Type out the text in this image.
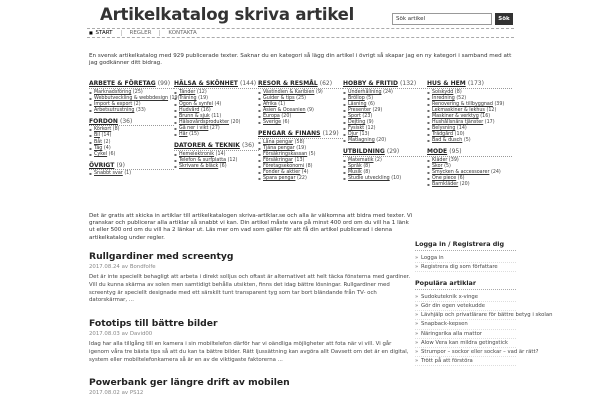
Artikelkatalog skriva artikel
Sök artikel	Sök
■ START	REGLER	KONTAKTA
En svensk artikelkatalog med 929 publicerade texter. Saknar du en kategori så lägg din artikel i övrigt så skapar jag en ny kategori i samband med att jag godkänner ditt bidrag.
ARBETE & FÖRETAG (99)
▪ Marknadsföring (25)
▪ Webbutveckling & webbdesign (19)
▪ Import & export (2)
▪ Arbetsutrustning (33)
FORDON (36)
▪ Körkort (8)
▪ Bil (14)
▪ Båt (2)
▪ Tåg (4)
▪ Cykel (6)
ÖVRIGT (9)
▪ Snabbt svar (1)
HÄLSA & SKÖNHET (144)
▪ Tänder (12)
▪ Träning (19)
▪ Ögon & synfel (4)
▪ Hudvård (16)
▪ Brunn & sjuk (11)
▪ Hälsovårdsprodukter (20)
▪ Gå ner i vikt (27)
▪ Hår (15)
DATORER & TEKNIK (36)
▪ Hemelektronik (14)
▪ Telefon & surfplatta (12)
▪ Skrivare & bläck (6)
RESOR & RESMÅL (62)
▪ Västindien & Karibien (9)
▪ Guider & tips (25)
▪ Afrika (1)
▪ Asien & Oceanien (9)
▪ Europa (20)
▪ Sverige (6)
PENGAR & FINANS (129)
▪ Låna pengar (58)
▪ Tjäna pengar (19)
▪ Försäkringskassan (5)
▪ Försäkringar (13)
▪ Företagsekonomi (8)
▪ Fonder & aktier (4)
▪ Spara pengar (22)
HOBBY & FRITID (132)
▪ Underhållning (24)
▪ Bröllop (5)
▪ Läsning (6)
▪ Presenter (29)
▪ Sport (23)
▪ Dejting (9)
▪ Fysiskt (12)
▪ Djur (13)
▪ Matlagning (20)
UTBILDNING (29)
▪ Matematik (2)
▪ Språk (8)
▪ Musik (8)
▪ Studie utveckling (10)
HUS & HEM (173)
▪ Solskydd (8)
▪ Inredning (52)
▪ Renovering & tillbyggnad (39)
▪ Lekmaskiner & lekhus (12)
▪ Maskiner & verktyg (16)
▪ Hushållsnära tjänster (17)
▪ Belysning (14)
▪ Trädgård (10)
▪ Bad & dusch (5)
MODE (95)
▪ Kläder (39)
▪ Skor (5)
▪ Smycken & accessoarer (24)
▪ One piece (6)
▪ Barnkläder (20)
Det är gratis att skicka in artiklar till artikelkatalogen skriva-artiklar.se och alla är välkomna att bidra med texter. Vi granskar och publicerar alla artiklar så snabbt vi kan. Din artikel måste vara på minst 400 ord om du vill ha 1 länk ut eller 500 ord om du vill ha 2 länkar ut. Läs mer om vad som gäller för att få din artikel publicerad i denna artikelkatalog under regler.
Rullgardiner med screentyg
2017.08.24 av Bondfolfe
Det är inte speciellt behagligt att arbeta i direkt solljus och oftast är alternativet att helt täcka fönsterna med gardiner. Vill du kunna skärma av solen men samtidigt behålla utsikten, finns det idag bättre lösningar. Rullgardiner med screentyg är speciellt designade med ett särskilt tunt transparent tyg som tar bort bländande från TV- och datorskärmar, ...
Fototips till bättre bilder
2017.08.03 av David00
Idag har alla tillgång till en kamera i sin mobiltelefon därför har vi oändliga möjligheter att fota när vi vill. Vi går igenom våra tre bästa tips så att du kan ta bättre bilder. Rätt ljussättning kan avgöra allt Oavsett om det är en digital, system eller mobiltelefonkamera så är en av de viktigaste faktorerna ...
Powerbank ger längre drift av mobilen
2017.08.02 av PS12
Logga in / Registrera dig
» Logga in
» Registrera dig som författare
Populära artiklar
» Sudokuteknik x-vinge
» Gör din egen vetekudde
» Lävhjälp och privatlärare för bättre betyg i skolan
» Snapback-kepsen
» Näringsrika alla mattor
» Alow Vera kan mildra getingstick
» Strumpor – sockor eller sockar – vad är rätt?
» Trött på att förstöra
